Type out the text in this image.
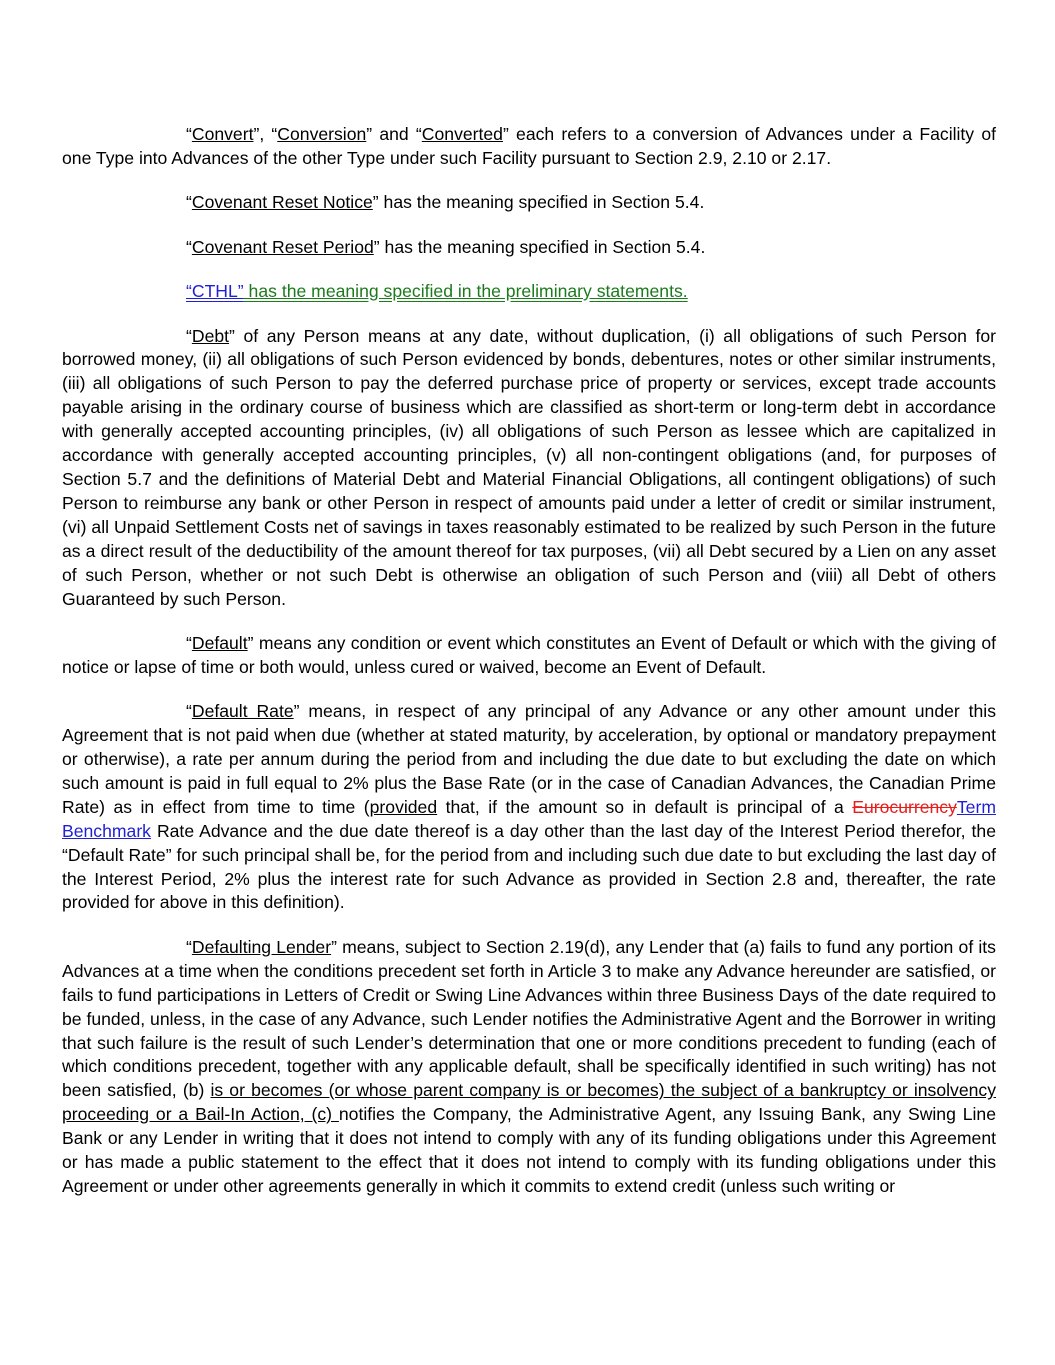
“Convert”, “Conversion” and “Converted” each refers to a conversion of Advances under a Facility of one Type into Advances of the other Type under such Facility pursuant to Section 2.9, 2.10 or 2.17.

“Covenant Reset Notice” has the meaning specified in Section 5.4.

“Covenant Reset Period” has the meaning specified in Section 5.4.

“CTHL” has the meaning specified in the preliminary statements.

“Debt” of any Person means at any date, without duplication, (i) all obligations of such Person for borrowed money, (ii) all obligations of such Person evidenced by bonds, debentures, notes or other similar instruments, (iii) all obligations of such Person to pay the deferred purchase price of property or services, except trade accounts payable arising in the ordinary course of business which are classified as short-term or long-term debt in accordance with generally accepted accounting principles, (iv) all obligations of such Person as lessee which are capitalized in accordance with generally accepted accounting principles, (v) all non-contingent obligations (and, for purposes of Section 5.7 and the definitions of Material Debt and Material Financial Obligations, all contingent obligations) of such Person to reimburse any bank or other Person in respect of amounts paid under a letter of credit or similar instrument, (vi) all Unpaid Settlement Costs net of savings in taxes reasonably estimated to be realized by such Person in the future as a direct result of the deductibility of the amount thereof for tax purposes, (vii) all Debt secured by a Lien on any asset of such Person, whether or not such Debt is otherwise an obligation of such Person and (viii) all Debt of others Guaranteed by such Person.

“Default” means any condition or event which constitutes an Event of Default or which with the giving of notice or lapse of time or both would, unless cured or waived, become an Event of Default.

“Default Rate” means, in respect of any principal of any Advance or any other amount under this Agreement that is not paid when due (whether at stated maturity, by acceleration, by optional or mandatory prepayment or otherwise), a rate per annum during the period from and including the due date to but excluding the date on which such amount is paid in full equal to 2% plus the Base Rate (or in the case of Canadian Advances, the Canadian Prime Rate) as in effect from time to time (provided that, if the amount so in default is principal of a EurocurrencyTerm Benchmark Rate Advance and the due date thereof is a day other than the last day of the Interest Period therefor, the “Default Rate” for such principal shall be, for the period from and including such due date to but excluding the last day of the Interest Period, 2% plus the interest rate for such Advance as provided in Section 2.8 and, thereafter, the rate provided for above in this definition).

“Defaulting Lender” means, subject to Section 2.19(d), any Lender that (a) fails to fund any portion of its Advances at a time when the conditions precedent set forth in Article 3 to make any Advance hereunder are satisfied, or fails to fund participations in Letters of Credit or Swing Line Advances within three Business Days of the date required to be funded, unless, in the case of any Advance, such Lender notifies the Administrative Agent and the Borrower in writing that such failure is the result of such Lender’s determination that one or more conditions precedent to funding (each of which conditions precedent, together with any applicable default, shall be specifically identified in such writing) has not been satisfied, (b) is or becomes (or whose parent company is or becomes) the subject of a bankruptcy or insolvency proceeding or a Bail-In Action, (c) notifies the Company, the Administrative Agent, any Issuing Bank, any Swing Line Bank or any Lender in writing that it does not intend to comply with any of its funding obligations under this Agreement or has made a public statement to the effect that it does not intend to comply with its funding obligations under this Agreement or under other agreements generally in which it commits to extend credit (unless such writing or
